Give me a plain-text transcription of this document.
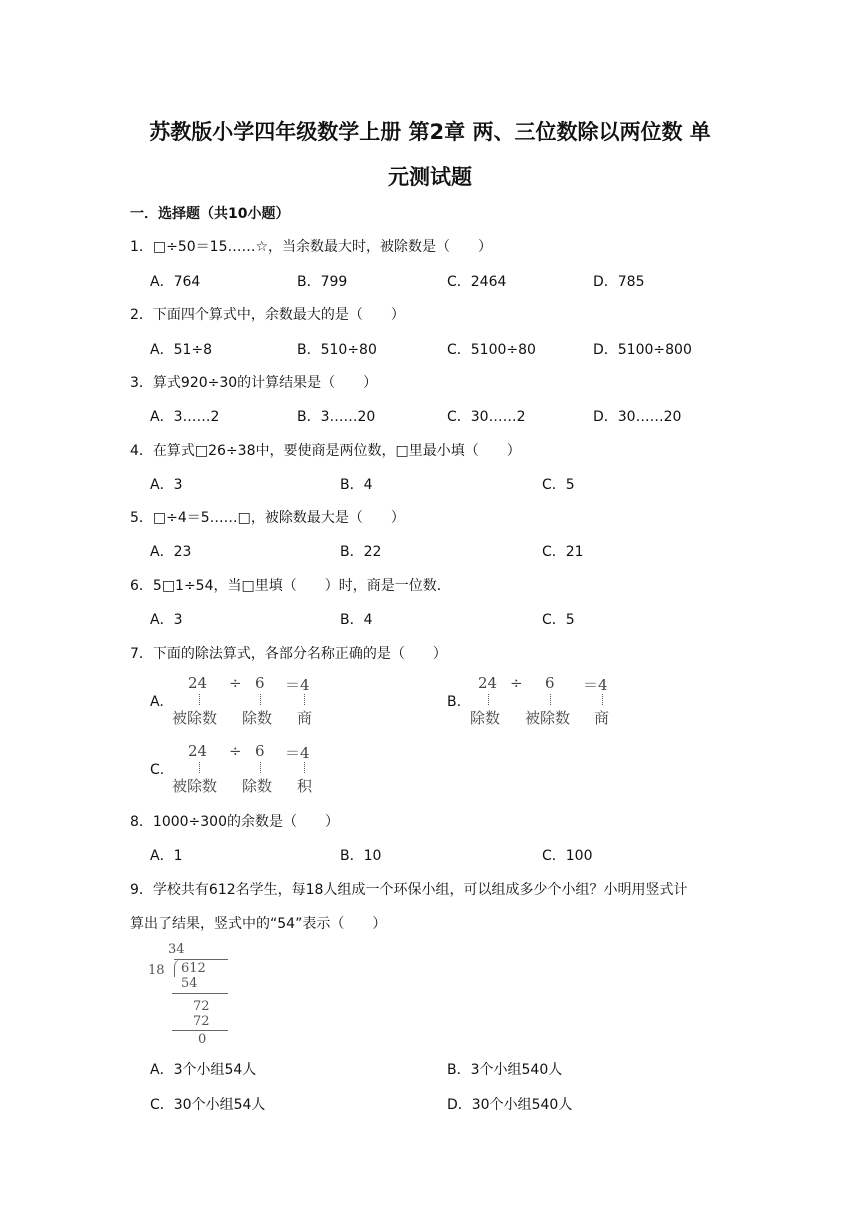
苏教版小学四年级数学上册 第2章 两、三位数除以两位数 单
元测试题
一．选择题（共10小题）
1．□÷50＝15……☆，当余数最大时，被除数是（　　）
A．764	B．799	C．2464	D．785
2．下面四个算式中，余数最大的是（　　）
A．51÷8	B．510÷80	C．5100÷80	D．5100÷800
3．算式920÷30的计算结果是（　　）
A．3……2	B．3……20	C．30……2	D．30……20
4．在算式□26÷38中，要使商是两位数，□里最小填（　　）
A．3	B．4	C．5
5．□÷4＝5……□，被除数最大是（　　）
A．23	B．22	C．21
6．5□1÷54，当□里填（　　）时，商是一位数．
A．3	B．4	C．5
7．下面的除法算式，各部分名称正确的是（　　）
A.	B.
C.
24 ÷ 6 ＝4
被除数 除数 商
24 ÷ 6 ＝4
除数 被除数 商
24 ÷ 6 ＝4
被除数 除数 积
8．1000÷300的余数是（　　）
A．1	B．10	C．100
9．学校共有612名学生，每18人组成一个环保小组，可以组成多少个小组？小明用竖式计
算出了结果，竖式中的“54”表示（　　）
34
18 612
54
72
72
0
A．3个小组54人	B．3个小组540人
C．30个小组54人	D．30个小组540人
